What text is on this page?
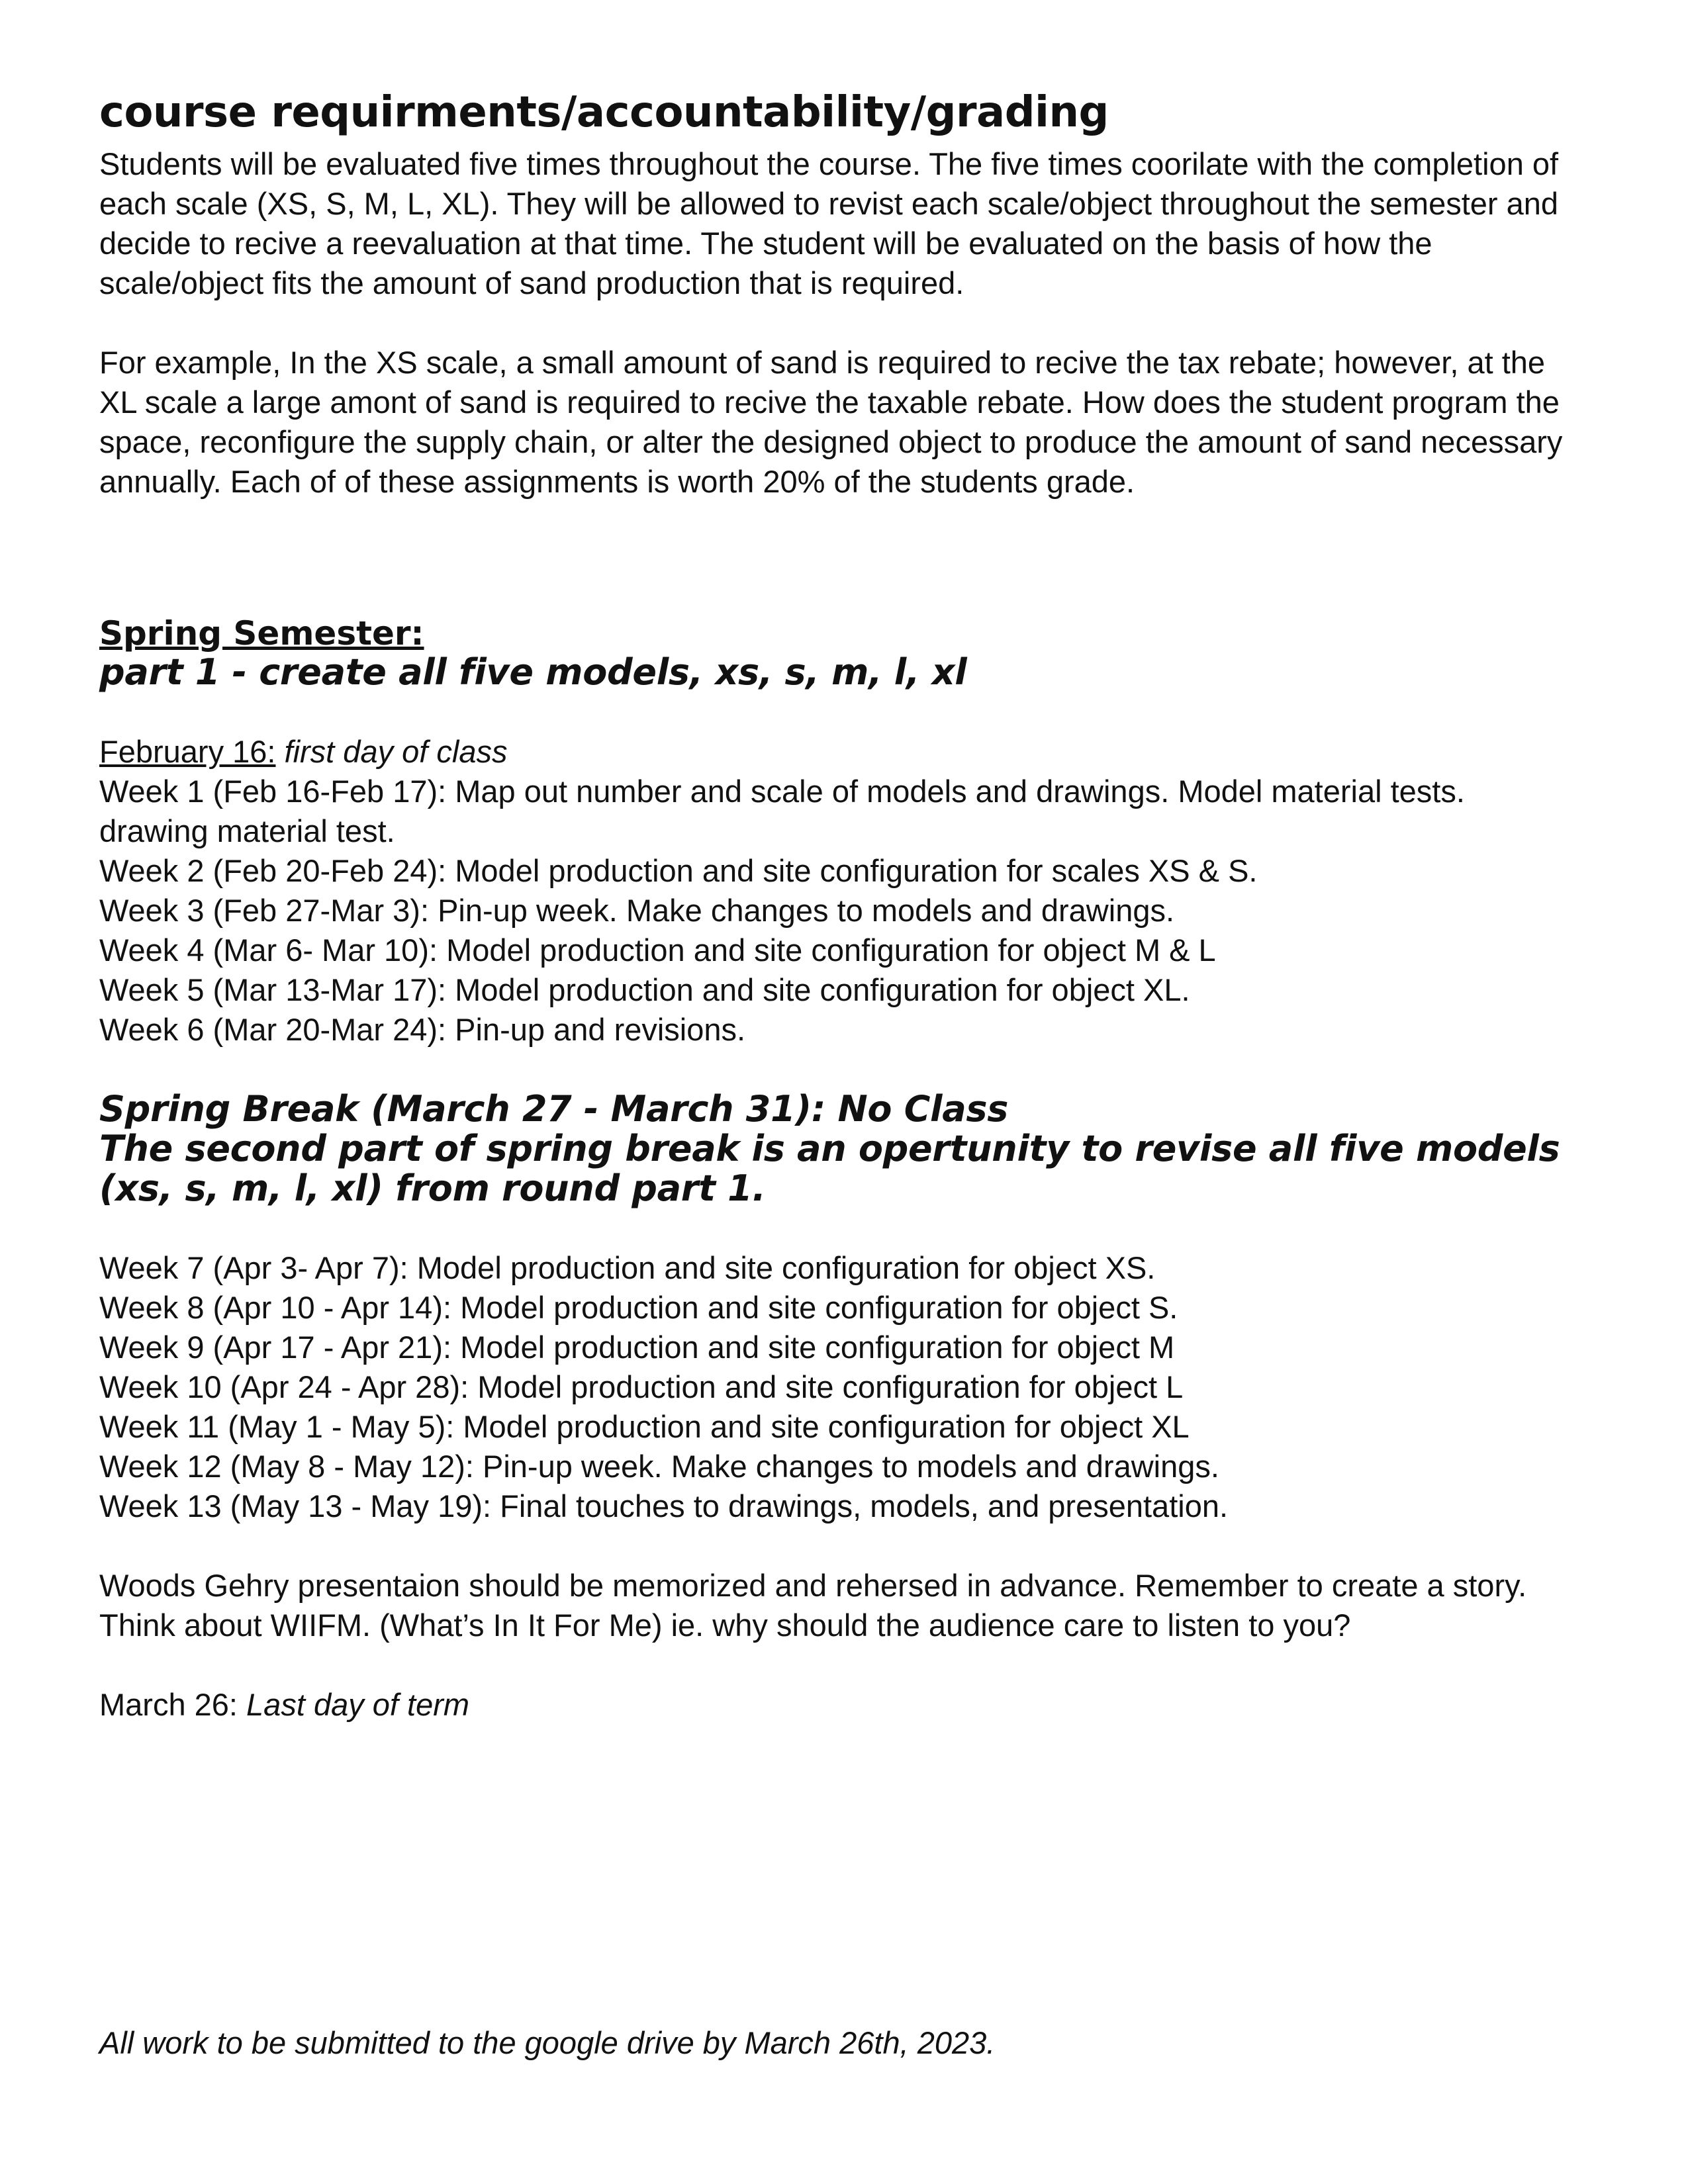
course requirments/accountability/grading

Students will be evaluated five times throughout the course. The five times coorilate with the completion of each scale (XS, S, M, L, XL). They will be allowed to revist each scale/object throughout the semester and decide to recive a reevaluation at that time. The student will be evaluated on the basis of how the scale/object fits the amount of sand production that is required.

For example, In the XS scale, a small amount of sand is required to recive the tax rebate; however, at the XL scale a large amont of sand is required to recive the taxable rebate. How does the student program the space, reconfigure the supply chain, or alter the designed object to produce the amount of sand necessary annually. Each of of these assignments is worth 20% of the students grade.

Spring Semester:

part 1 - create all five models, xs, s, m, l, xl

February 16: first day of class

Week 1 (Feb 16-Feb 17): Map out number and scale of models and drawings. Model material tests.

drawing material test.

Week 2 (Feb 20-Feb 24): Model production and site configuration for scales XS & S.

Week 3 (Feb 27-Mar 3): Pin-up week. Make changes to models and drawings.

Week 4 (Mar 6- Mar 10): Model production and site configuration for object M & L

Week 5 (Mar 13-Mar 17): Model production and site configuration for object XL.

Week 6 (Mar 20-Mar 24): Pin-up and revisions.

Spring Break (March 27 - March 31): No Class

The second part of spring break is an opertunity to revise all five models

(xs, s, m, l, xl) from round part 1.

Week 7 (Apr 3- Apr 7): Model production and site configuration for object XS.

Week 8 (Apr 10 - Apr 14): Model production and site configuration for object S.

Week 9 (Apr 17 - Apr 21): Model production and site configuration for object M

Week 10 (Apr 24 - Apr 28): Model production and site configuration for object L

Week 11 (May 1 - May 5): Model production and site configuration for object XL

Week 12 (May 8 - May 12): Pin-up week. Make changes to models and drawings.

Week 13 (May 13 - May 19): Final touches to drawings, models, and presentation.

Woods Gehry presentaion should be memorized and rehersed in advance. Remember to create a story. Think about WIIFM. (What’s In It For Me) ie. why should the audience care to listen to you?

March 26: Last day of term

All work to be submitted to the google drive by March 26th, 2023.
